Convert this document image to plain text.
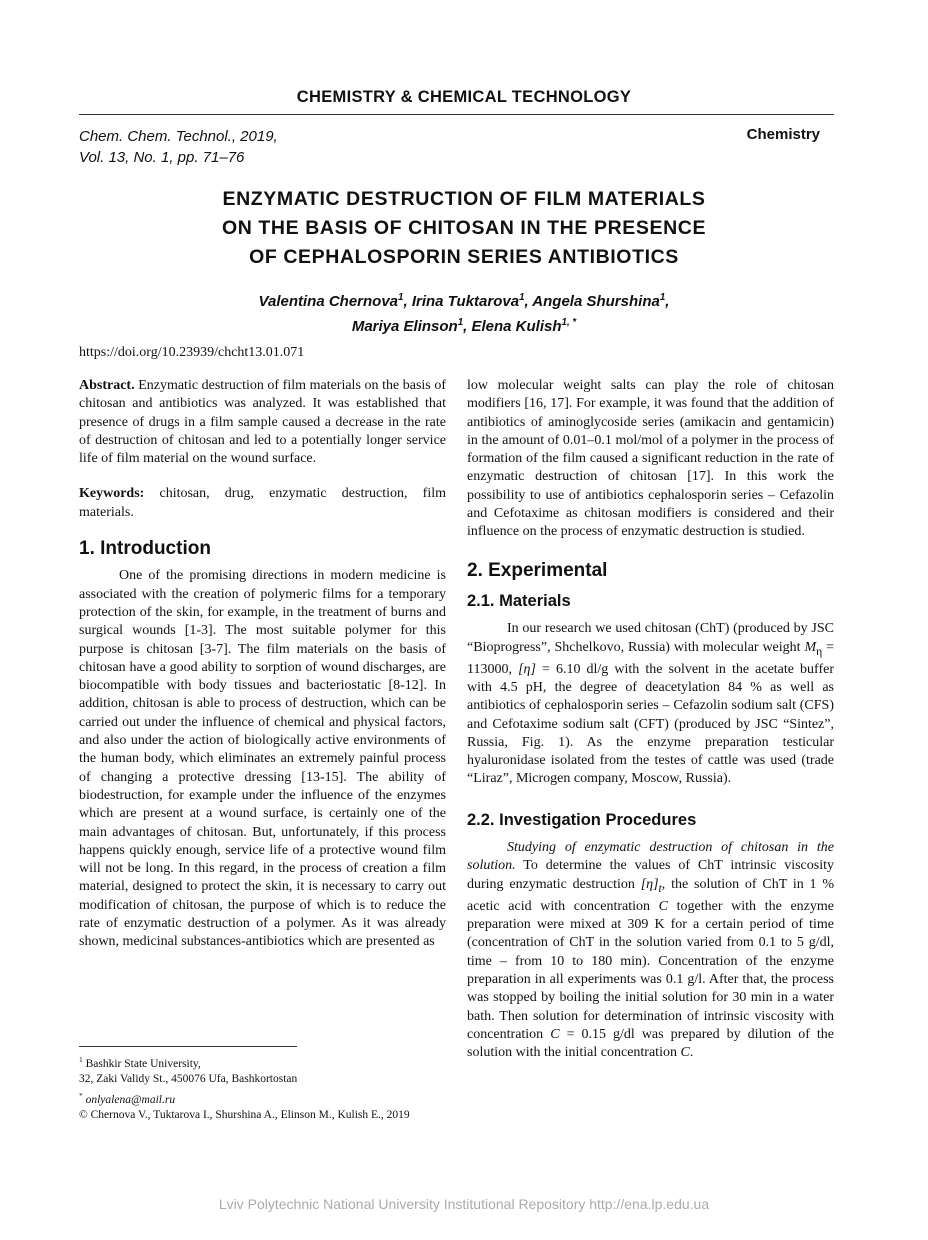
CHEMISTRY & CHEMICAL TECHNOLOGY
Chem. Chem. Technol., 2019,
Vol. 13, No. 1, pp. 71–76
Chemistry
ENZYMATIC DESTRUCTION OF FILM MATERIALS
ON THE BASIS OF CHITOSAN IN THE PRESENCE
OF CEPHALOSPORIN SERIES ANTIBIOTICS
Valentina Chernova$^1$, Irina Tuktarova$^1$, Angela Shurshina$^1$,
Mariya Elinson$^1$, Elena Kulish$^{1, *}$
https://doi.org/10.23939/chcht13.01.071

Abstract. Enzymatic destruction of film materials on the basis of chitosan and antibiotics was analyzed. It was established that presence of drugs in a film sample caused a decrease in the rate of destruction of chitosan and led to a potentially longer service life of film material on the wound surface.

Keywords: chitosan, drug, enzymatic destruction, film materials.

1. Introduction

One of the promising directions in modern medicine is associated with the creation of polymeric films for a temporary protection of the skin, for example, in the treatment of burns and surgical wounds [1-3]. The most suitable polymer for this purpose is chitosan [3-7]. The film materials on the basis of chitosan have a good ability to sorption of wound discharges, are biocompatible with body tissues and bacteriostatic [8-12]. In addition, chitosan is able to process of destruction, which can be carried out under the influence of chemical and physical factors, and also under the action of biologically active environments of the human body, which eliminates an extremely painful process of changing a protective dressing [13-15]. The ability of biodestruction, for example under the influence of the enzymes which are present at a wound surface, is certainly one of the main advantages of chitosan. But, unfortunately, if this process happens quickly enough, service life of a protective wound film will not be long. In this regard, in the process of creation a film material, designed to protect the skin, it is necessary to carry out modification of chitosan, the purpose of which is to reduce the rate of enzymatic destruction of a polymer. As it was already shown, medicinal substances-antibiotics which are presented as

$^1$ Bashkir State University,
32, Zaki Validy St., 450076 Ufa, Bashkortostan
* onlyalena@mail.ru
© Chernova V., Tuktarova I., Shurshina A., Elinson M., Kulish E., 2019

low molecular weight salts can play the role of chitosan modifiers [16, 17]. For example, it was found that the addition of antibiotics of aminoglycoside series (amikacin and gentamicin) in the amount of 0.01–0.1 mol/mol of a polymer in the process of formation of the film caused a significant reduction in the rate of enzymatic destruction of chitosan [17]. In this work the possibility to use of antibiotics cephalosporin series – Cefazolin and Cefotaxime as chitosan modifiers is considered and their influence on the process of enzymatic destruction is studied.

2. Experimental
2.1. Materials

In our research we used chitosan (ChT) (produced by JSC “Bioprogress”, Shchelkovo, Russia) with molecular weight $M_\eta = 113000$, [η] = 6.10 dl/g with the solvent in the acetate buffer with 4.5 pH, the degree of deacetylation 84 % as well as antibiotics of cephalosporin series – Cefazolin sodium salt (CFS) and Cefotaxime sodium salt (CFT) (produced by JSC “Sintez”, Russia, Fig. 1). As the enzyme preparation testicular hyaluronidase isolated from the testes of cattle was used (trade “Liraz”, Microgen company, Moscow, Russia).

2.2. Investigation Procedures

Studying of enzymatic destruction of chitosan in the solution. To determine the values of ChT intrinsic viscosity during enzymatic destruction $[\eta]_t$, the solution of ChT in 1 % acetic acid with concentration C together with the enzyme preparation were mixed at 309 K for a certain period of time (concentration of ChT in the solution varied from 0.1 to 5 g/dl, time – from 10 to 180 min). Concentration of the enzyme preparation in all experiments was 0.1 g/l. After that, the process was stopped by boiling the initial solution for 30 min in a water bath. Then solution for determination of intrinsic viscosity with concentration C = 0.15 g/dl was prepared by dilution of the solution with the initial concentration C.

Lviv Polytechnic National University Institutional Repository http://ena.lp.edu.ua
